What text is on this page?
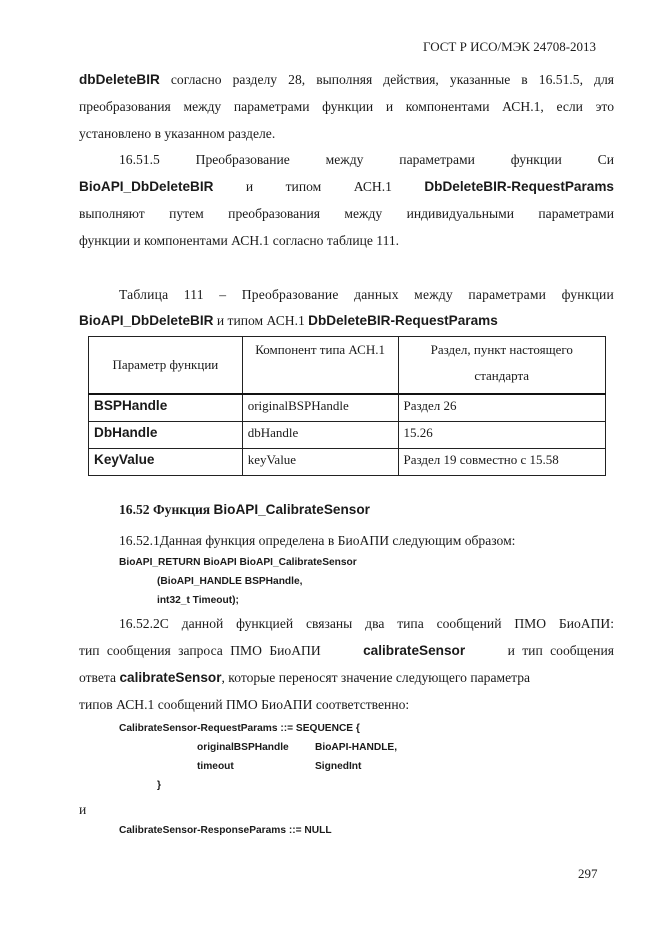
ГОСТ Р ИСО/МЭК 24708-2013
dbDeleteBIR согласно разделу 28, выполняя действия, указанные в 16.51.5, для
преобразования между параметрами функции и компонентами АСН.1, если это
установлено в указанном разделе.
16.51.5	Преобразование	между	параметрами	функции	Си
BioAPI_DbDeleteBIR и типом АСН.1 DbDeleteBIR-RequestParams
выполняют путем преобразования между индивидуальными параметрами
функции и компонентами АСН.1 согласно таблице 111.
Таблица 111 – Преобразование данных между параметрами функции
BioAPI_DbDeleteBIR и типом АСН.1 DbDeleteBIR-RequestParams
Параметр функции	Компонент типа АСН.1	Раздел, пункт настоящего стандарта
BSPHandle	originalBSPHandle	Раздел 26
DbHandle	dbHandle	15.26
KeyValue	keyValue	Раздел 19 совместно с 15.58
16.52 Функция BioAPI_CalibrateSensor
16.52.1Данная функция определена в БиоАПИ следующим образом:
BioAPI_RETURN BioAPI BioAPI_CalibrateSensor
(BioAPI_HANDLE BSPHandle,
int32_t Timeout);
16.52.2С данной функцией связаны два типа сообщений ПМО БиоАПИ:
тип сообщения запроса ПМО БиоАПИ	calibrateSensor	и тип сообщения
ответа calibrateSensor, которые переносят значение следующего параметра
типов АСН.1 сообщений ПМО БиоАПИ соответственно:
CalibrateSensor-RequestParams ::= SEQUENCE {
originalBSPHandle	BioAPI-HANDLE,
timeout	SignedInt
}
и
CalibrateSensor-ResponseParams ::= NULL
297
